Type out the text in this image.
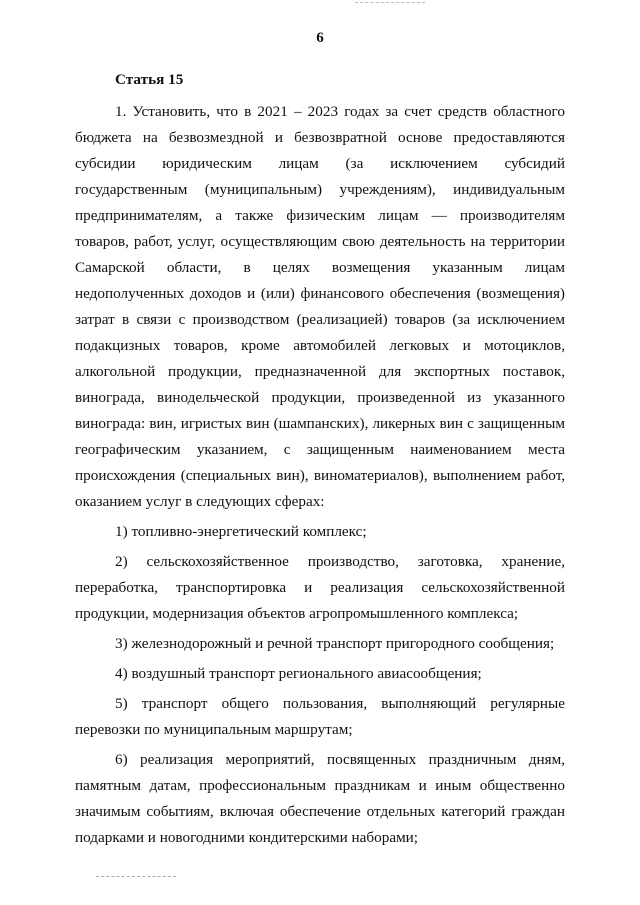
6

Статья 15

1. Установить, что в 2021 – 2023 годах за счет средств областного бюджета на безвозмездной и безвозвратной основе предоставляются субсидии юридическим лицам (за исключением субсидий государственным (муниципальным) учреждениям), индивидуальным предпринимателям, а также физическим лицам — производителям товаров, работ, услуг, осуществляющим свою деятельность на территории Самарской области, в целях возмещения указанным лицам недополученных доходов и (или) финансового обеспечения (возмещения) затрат в связи с производством (реализацией) товаров (за исключением подакцизных товаров, кроме автомобилей легковых и мотоциклов, алкогольной продукции, предназначенной для экспортных поставок, винограда, винодельческой продукции, произведенной из указанного винограда: вин, игристых вин (шампанских), ликерных вин с защищенным географическим указанием, с защищенным наименованием места происхождения (специальных вин), виноматериалов), выполнением работ, оказанием услуг в следующих сферах:

1) топливно-энергетический комплекс;

2) сельскохозяйственное производство, заготовка, хранение, переработка, транспортировка и реализация сельскохозяйственной продукции, модернизация объектов агропромышленного комплекса;

3) железнодорожный и речной транспорт пригородного сообщения;

4) воздушный транспорт регионального авиасообщения;

5) транспорт общего пользования, выполняющий регулярные перевозки по муниципальным маршрутам;

6) реализация мероприятий, посвященных праздничным дням, памятным датам, профессиональным праздникам и иным общественно значимым событиям, включая обеспечение отдельных категорий граждан подарками и новогодними кондитерскими наборами;
